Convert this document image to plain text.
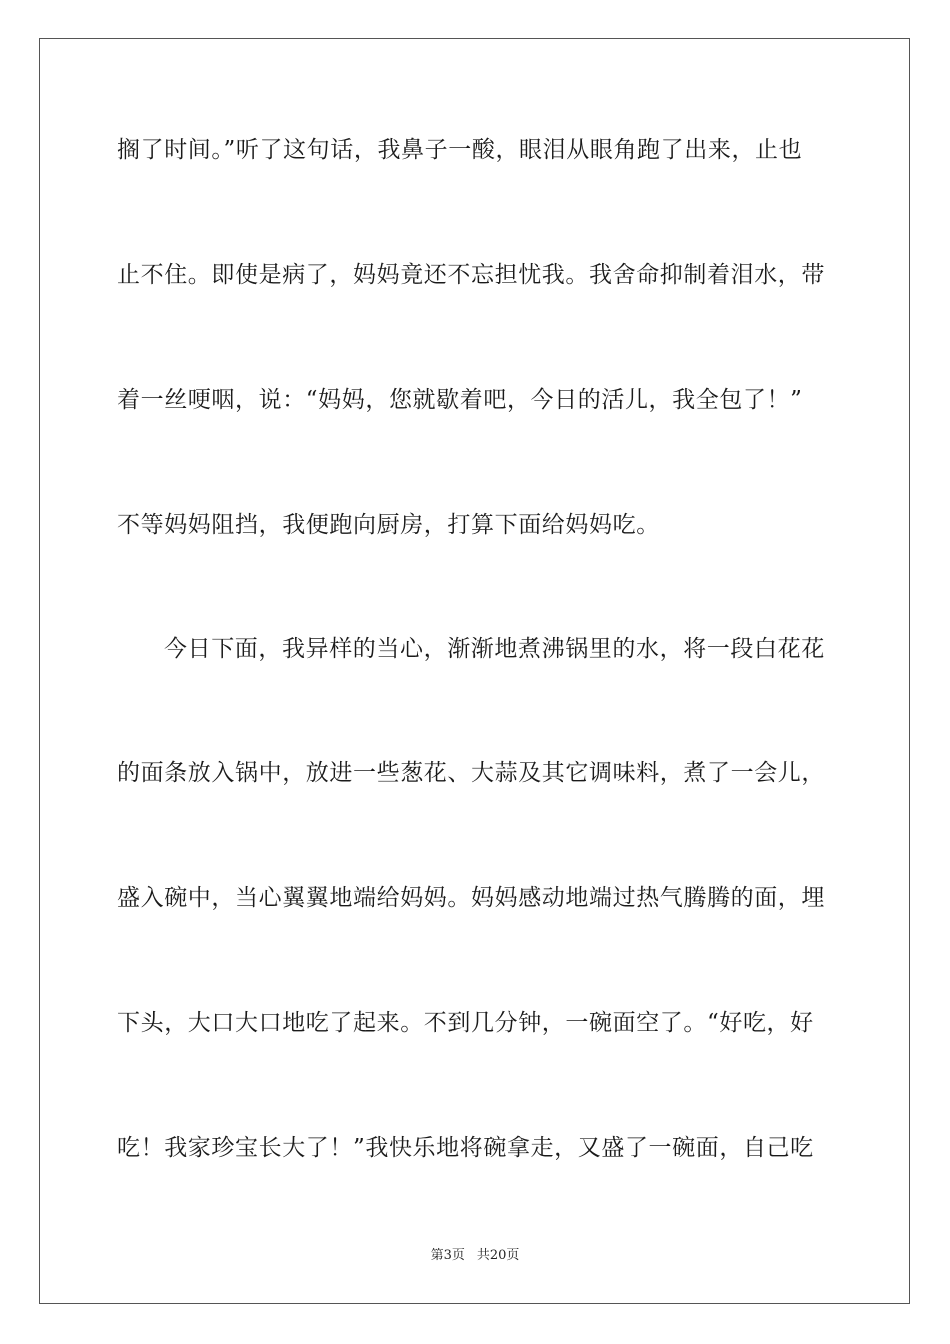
搁了时间。”听了这句话，我鼻子一酸，眼泪从眼角跑了出来，止也
止不住。即使是病了，妈妈竟还不忘担忧我。我舍命抑制着泪水，带
着一丝哽咽，说：“妈妈，您就歇着吧，今日的活儿，我全包了！”
不等妈妈阻挡，我便跑向厨房，打算下面给妈妈吃。
今日下面，我异样的当心，渐渐地煮沸锅里的水，将一段白花花
的面条放入锅中，放进一些葱花、大蒜及其它调味料，煮了一会儿，
盛入碗中，当心翼翼地端给妈妈。妈妈感动地端过热气腾腾的面，埋
下头，大口大口地吃了起来。不到几分钟，一碗面空了。“好吃，好
吃！我家珍宝长大了！”我快乐地将碗拿走，又盛了一碗面，自己吃
第3页 共20页
